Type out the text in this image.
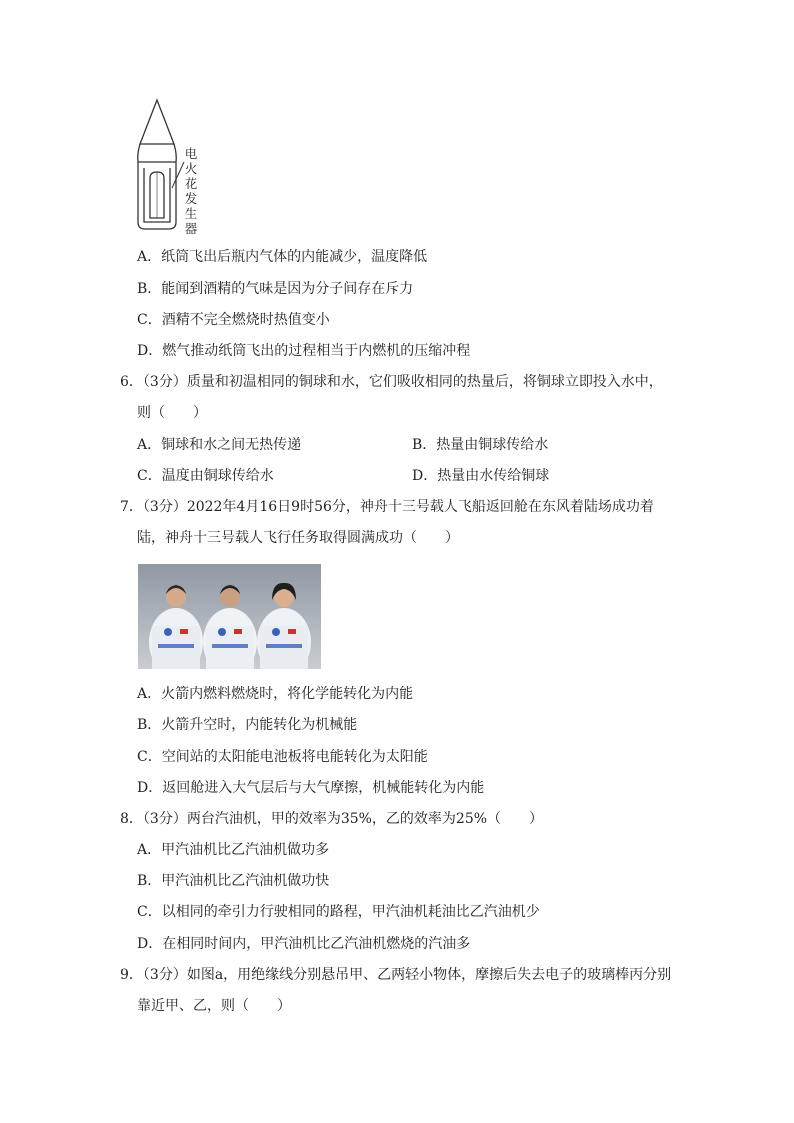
电火花发生器
A．纸筒飞出后瓶内气体的内能减少，温度降低
B．能闻到酒精的气味是因为分子间存在斥力
C．酒精不完全燃烧时热值变小
D．燃气推动纸筒飞出的过程相当于内燃机的压缩冲程
6．（3分）质量和初温相同的铜球和水，它们吸收相同的热量后，将铜球立即投入水中，
则（　　）
A．铜球和水之间无热传递	B．热量由铜球传给水
C．温度由铜球传给水	D．热量由水传给铜球
7．（3分）2022年4月16日9时56分，神舟十三号载人飞船返回舱在东风着陆场成功着
陆，神舟十三号载人飞行任务取得圆满成功（　　）
A．火箭内燃料燃烧时，将化学能转化为内能
B．火箭升空时，内能转化为机械能
C．空间站的太阳能电池板将电能转化为太阳能
D．返回舱进入大气层后与大气摩擦，机械能转化为内能
8．（3分）两台汽油机，甲的效率为35%，乙的效率为25%（　　）
A．甲汽油机比乙汽油机做功多
B．甲汽油机比乙汽油机做功快
C．以相同的牵引力行驶相同的路程，甲汽油机耗油比乙汽油机少
D．在相同时间内，甲汽油机比乙汽油机燃烧的汽油多
9．（3分）如图a，用绝缘线分别悬吊甲、乙两轻小物体，摩擦后失去电子的玻璃棒丙分别
靠近甲、乙，则（　　）
